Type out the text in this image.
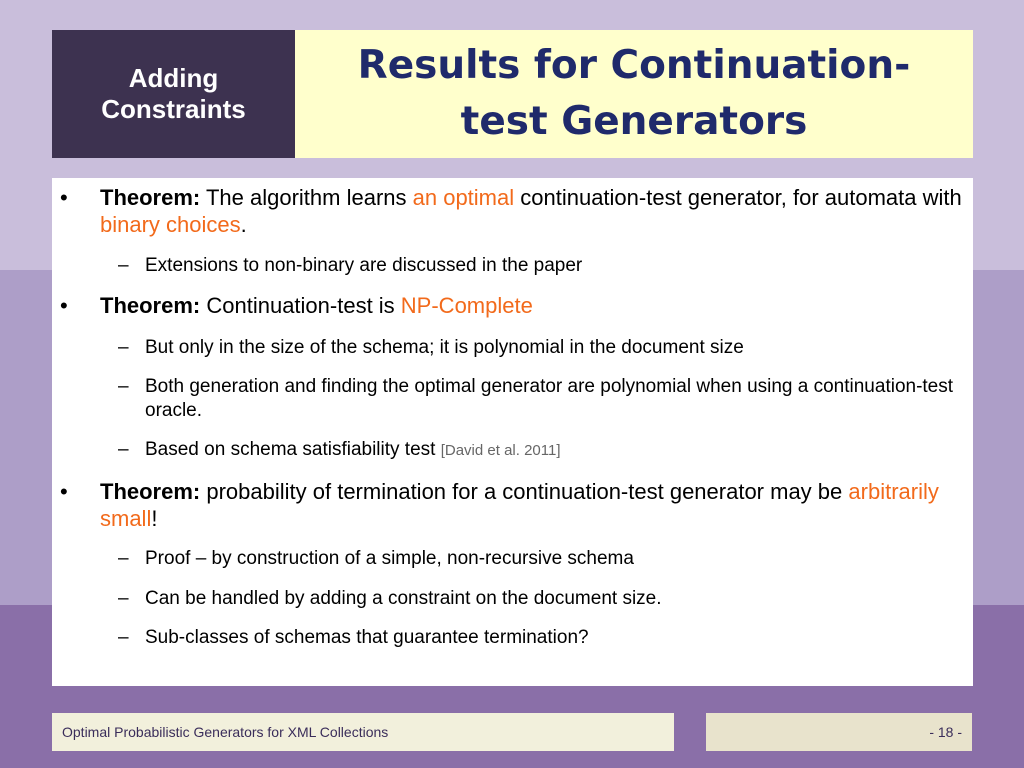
Adding
Constraints
Results for Continuation-
test Generators
• Theorem: The algorithm learns an optimal continuation-test generator, for automata with binary choices.
– Extensions to non-binary are discussed in the paper
• Theorem: Continuation-test is NP-Complete
– But only in the size of the schema; it is polynomial in the document size
– Both generation and finding the optimal generator are polynomial when using a continuation-test oracle.
– Based on schema satisfiability test [David et al. 2011]
• Theorem: probability of termination for a continuation-test generator may be arbitrarily small!
– Proof – by construction of a simple, non-recursive schema
– Can be handled by adding a constraint on the document size.
– Sub-classes of schemas that guarantee termination?
Optimal Probabilistic Generators for XML Collections	- 18 -
